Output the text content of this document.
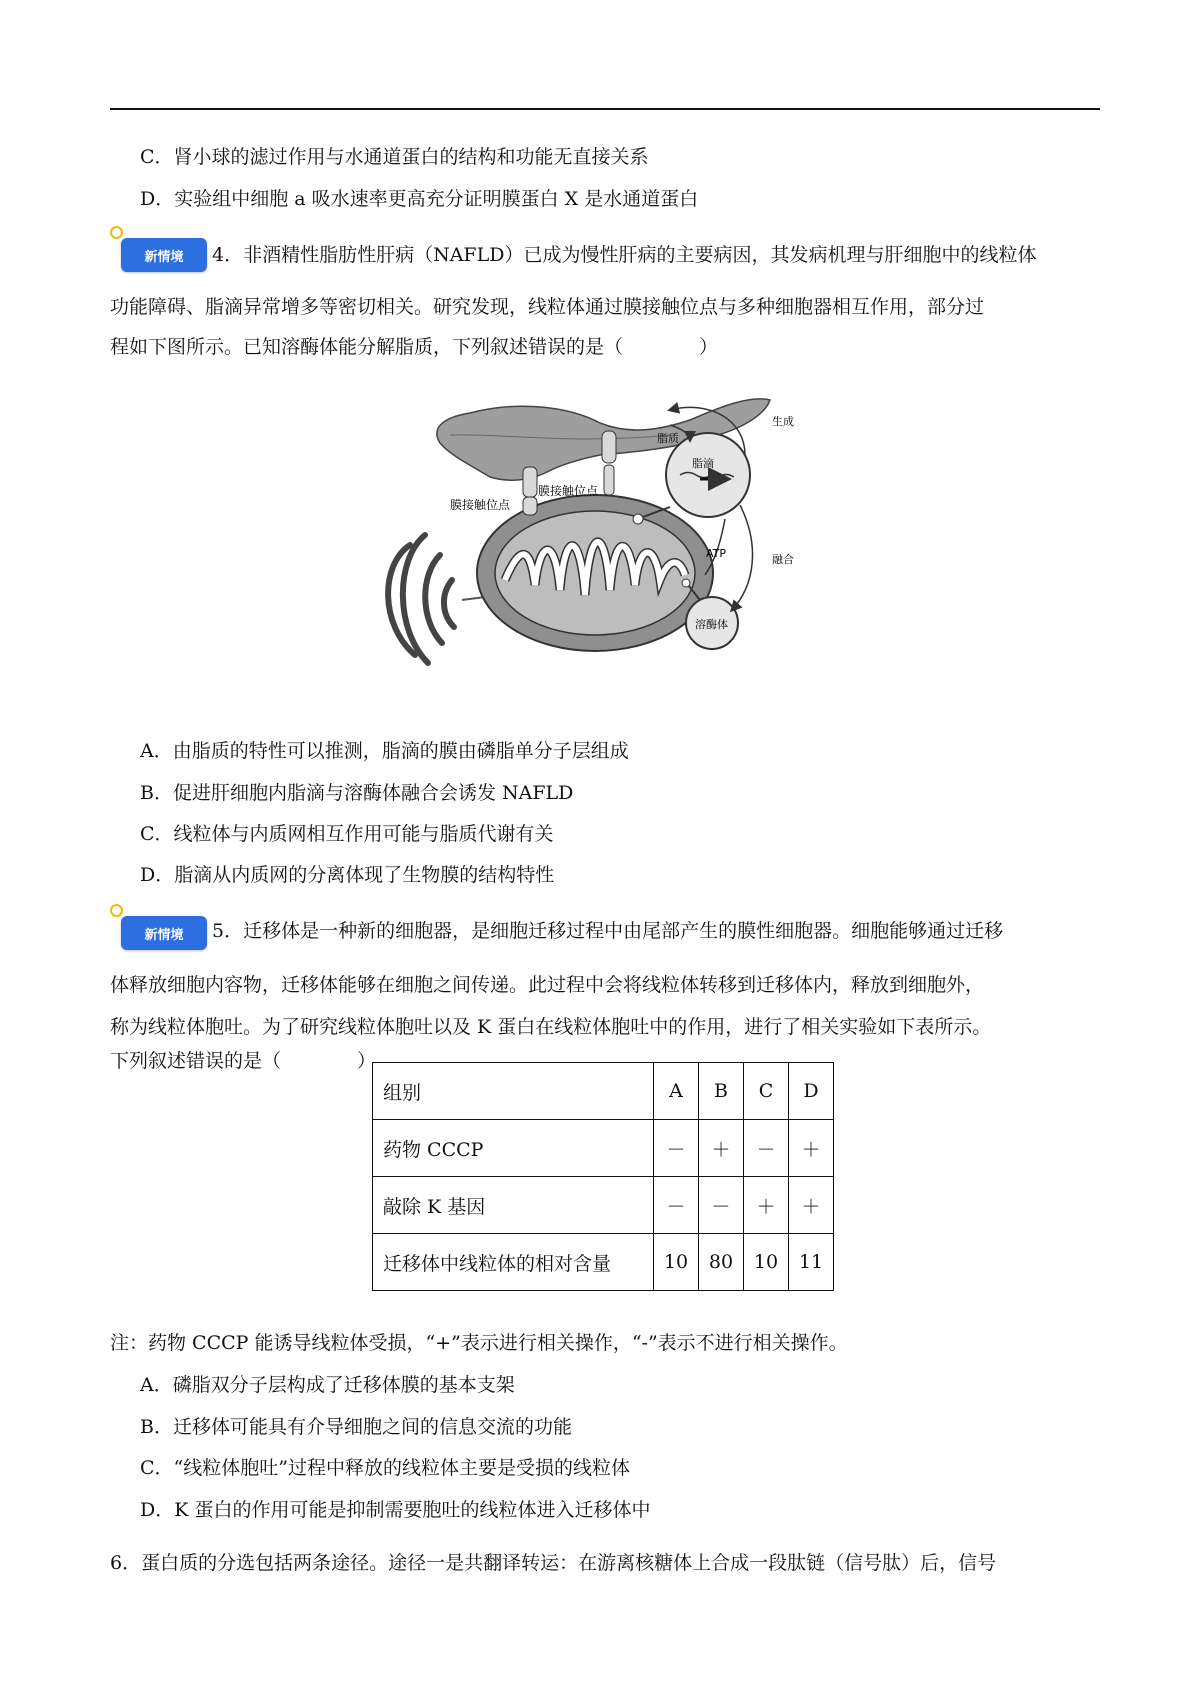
C．肾小球的滤过作用与水通道蛋白的结构和功能无直接关系
D．实验组中细胞 a 吸水速率更高充分证明膜蛋白 X 是水通道蛋白
新情境	4．非酒精性脂肪性肝病（NAFLD）已成为慢性肝病的主要病因，其发病机理与肝细胞中的线粒体
功能障碍、脂滴异常增多等密切相关。研究发现，线粒体通过膜接触位点与多种细胞器相互作用，部分过
程如下图所示。已知溶酶体能分解脂质，下列叙述错误的是（　　　　）
膜接触位点
膜接触位点
脂质
生成
脂滴
ATP	融合
溶酶体
A．由脂质的特性可以推测，脂滴的膜由磷脂单分子层组成
B．促进肝细胞内脂滴与溶酶体融合会诱发 NAFLD
C．线粒体与内质网相互作用可能与脂质代谢有关
D．脂滴从内质网的分离体现了生物膜的结构特性
新情境	5．迁移体是一种新的细胞器，是细胞迁移过程中由尾部产生的膜性细胞器。细胞能够通过迁移
体释放细胞内容物，迁移体能够在细胞之间传递。此过程中会将线粒体转移到迁移体内，释放到细胞外，
称为线粒体胞吐。为了研究线粒体胞吐以及 K 蛋白在线粒体胞吐中的作用，进行了相关实验如下表所示。
下列叙述错误的是（　　　　）
组别	A	B	C	D
药物 CCCP	－	＋	－	＋
敲除 K 基因	－	－	＋	＋
迁移体中线粒体的相对含量	10	80	10	11
注：药物 CCCP 能诱导线粒体受损，“+”表示进行相关操作，“-”表示不进行相关操作。
A．磷脂双分子层构成了迁移体膜的基本支架
B．迁移体可能具有介导细胞之间的信息交流的功能
C．“线粒体胞吐”过程中释放的线粒体主要是受损的线粒体
D．K 蛋白的作用可能是抑制需要胞吐的线粒体进入迁移体中
6．蛋白质的分选包括两条途径。途径一是共翻译转运：在游离核糖体上合成一段肽链（信号肽）后，信号
